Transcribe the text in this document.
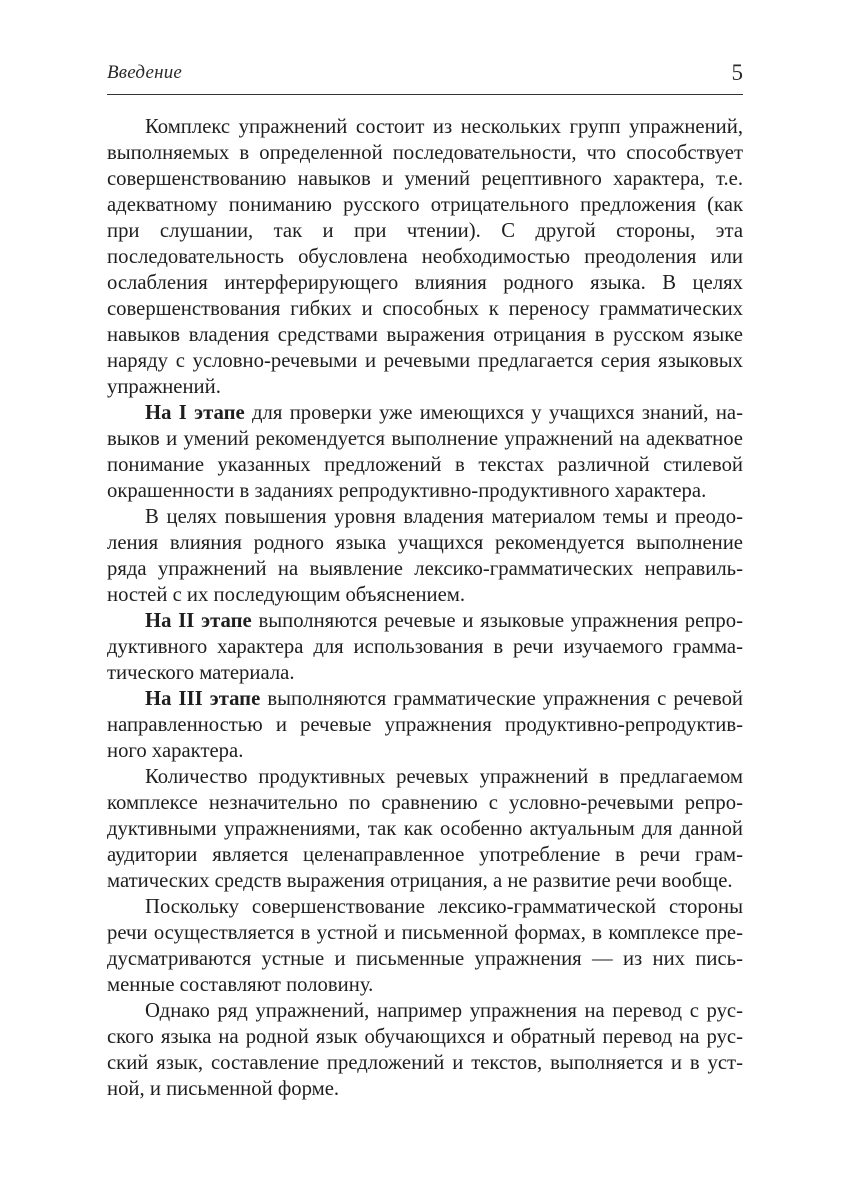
Введение	5

Комплекс упражнений состоит из нескольких групп упражнений, выполняемых в определенной последовательности, что способствует совершенствованию навыков и умений рецептивного характера, т.е. адекватному пониманию русского отрицательного предложения (как при слушании, так и при чтении). С другой стороны, эта последовательность обусловлена необходимостью преодоления или ослабления интерферирующего влияния родного языка. В целях совершенствования гибких и способных к переносу грамматических навыков владения средствами выражения отрицания в русском языке наряду с условно-речевыми и речевыми предлагается серия языковых упражнений.

На I этапе для проверки уже имеющихся у учащихся знаний, навыков и умений рекомендуется выполнение упражнений на адекватное понимание указанных предложений в текстах различной стилевой окрашенности в заданиях репродуктивно-продуктивного характера.

В целях повышения уровня владения материалом темы и преодоления влияния родного языка учащихся рекомендуется выполнение ряда упражнений на выявление лексико-грамматических неправильностей с их последующим объяснением.

На II этапе выполняются речевые и языковые упражнения репродуктивного характера для использования в речи изучаемого грамматического материала.

На III этапе выполняются грамматические упражнения с речевой направленностью и речевые упражнения продуктивно-репродуктивного характера.

Количество продуктивных речевых упражнений в предлагаемом комплексе незначительно по сравнению с условно-речевыми репродуктивными упражнениями, так как особенно актуальным для данной аудитории является целенаправленное употребление в речи грамматических средств выражения отрицания, а не развитие речи вообще.

Поскольку совершенствование лексико-грамматической стороны речи осуществляется в устной и письменной формах, в комплексе предусматриваются устные и письменные упражнения — из них письменные составляют половину.

Однако ряд упражнений, например упражнения на перевод с русского языка на родной язык обучающихся и обратный перевод на русский язык, составление предложений и текстов, выполняется и в устной, и письменной форме.
